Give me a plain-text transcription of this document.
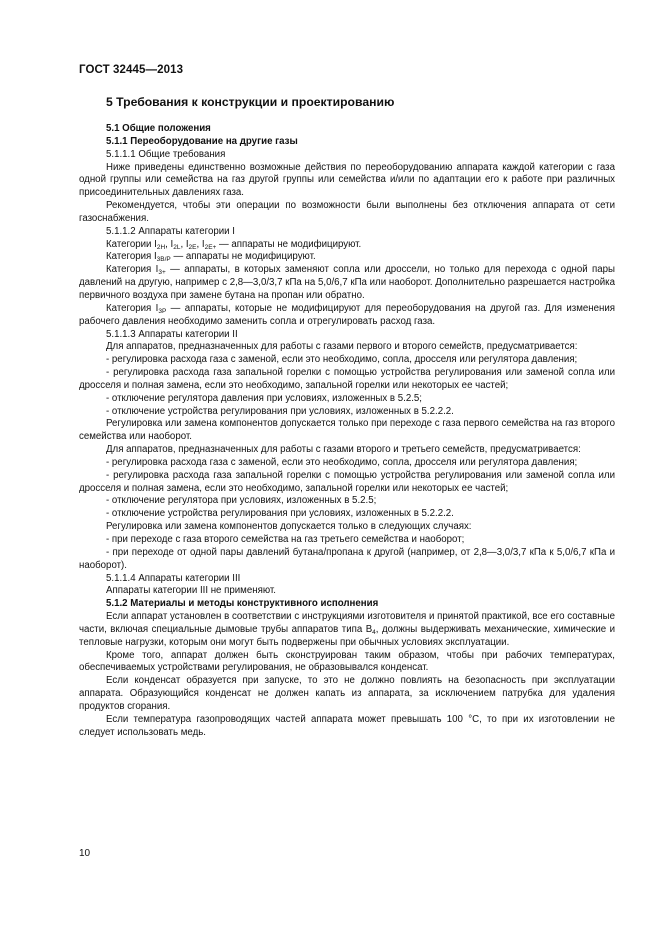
ГОСТ 32445—2013

5 Требования к конструкции и проектированию

5.1 Общие положения

5.1.1 Переоборудование на другие газы

5.1.1.1 Общие требования

Ниже приведены единственно возможные действия по переоборудованию аппарата каждой категории с газа одной группы или семейства на газ другой группы или семейства и/или по адаптации его к работе при различных присоединительных давлениях газа.

Рекомендуется, чтобы эти операции по возможности были выполнены без отключения аппарата от сети газоснабжения.

5.1.1.2 Аппараты категории I

Категории $I_{2H}$, $I_{2L}$, $I_{2E}$, $I_{2E+}$ — аппараты не модифицируют.

Категория $I_{3B/P}$ — аппараты не модифицируют.

Категория $I_{3+}$ — аппараты, в которых заменяют сопла или дроссели, но только для перехода с одной пары давлений на другую, например с 2,8—3,0/3,7 кПа на 5,0/6,7 кПа или наоборот. Дополнительно разрешается настройка первичного воздуха при замене бутана на пропан или обратно.

Категория $I_{3P}$ — аппараты, которые не модифицируют для переоборудования на другой газ. Для изменения рабочего давления необходимо заменить сопла и отрегулировать расход газа.

5.1.1.3 Аппараты категории II

Для аппаратов, предназначенных для работы с газами первого и второго семейств, предусматривается:

- регулировка расхода газа с заменой, если это необходимо, сопла, дросселя или регулятора давления;

- регулировка расхода газа запальной горелки с помощью устройства регулирования или заменой сопла или дросселя и полная замена, если это необходимо, запальной горелки или некоторых ее частей;

- отключение регулятора давления при условиях, изложенных в 5.2.5;

- отключение устройства регулирования при условиях, изложенных в 5.2.2.2.

Регулировка или замена компонентов допускается только при переходе с газа первого семейства на газ второго семейства или наоборот.

Для аппаратов, предназначенных для работы с газами второго и третьего семейств, предусматривается:

- регулировка расхода газа с заменой, если это необходимо, сопла, дросселя или регулятора давления;

- регулировка расхода газа запальной горелки с помощью устройства регулирования или заменой сопла или дросселя и полная замена, если это необходимо, запальной горелки или некоторых ее частей;

- отключение регулятора при условиях, изложенных в 5.2.5;

- отключение устройства регулирования при условиях, изложенных в 5.2.2.2.

Регулировка или замена компонентов допускается только в следующих случаях:

- при переходе с газа второго семейства на газ третьего семейства и наоборот;

- при переходе от одной пары давлений бутана/пропана к другой (например, от 2,8—3,0/3,7 кПа к 5,0/6,7 кПа и наоборот).

5.1.1.4 Аппараты категории III

Аппараты категории III не применяют.

5.1.2 Материалы и методы конструктивного исполнения

Если аппарат установлен в соответствии с инструкциями изготовителя и принятой практикой, все его составные части, включая специальные дымовые трубы аппаратов типа $B_4$, должны выдерживать механические, химические и тепловые нагрузки, которым они могут быть подвержены при обычных условиях эксплуатации.

Кроме того, аппарат должен быть сконструирован таким образом, чтобы при рабочих температурах, обеспечиваемых устройствами регулирования, не образовывался конденсат.

Если конденсат образуется при запуске, то это не должно повлиять на безопасность при эксплуатации аппарата. Образующийся конденсат не должен капать из аппарата, за исключением патрубка для удаления продуктов сгорания.

Если температура газопроводящих частей аппарата может превышать 100 °C, то при их изготовлении не следует использовать медь.

10
